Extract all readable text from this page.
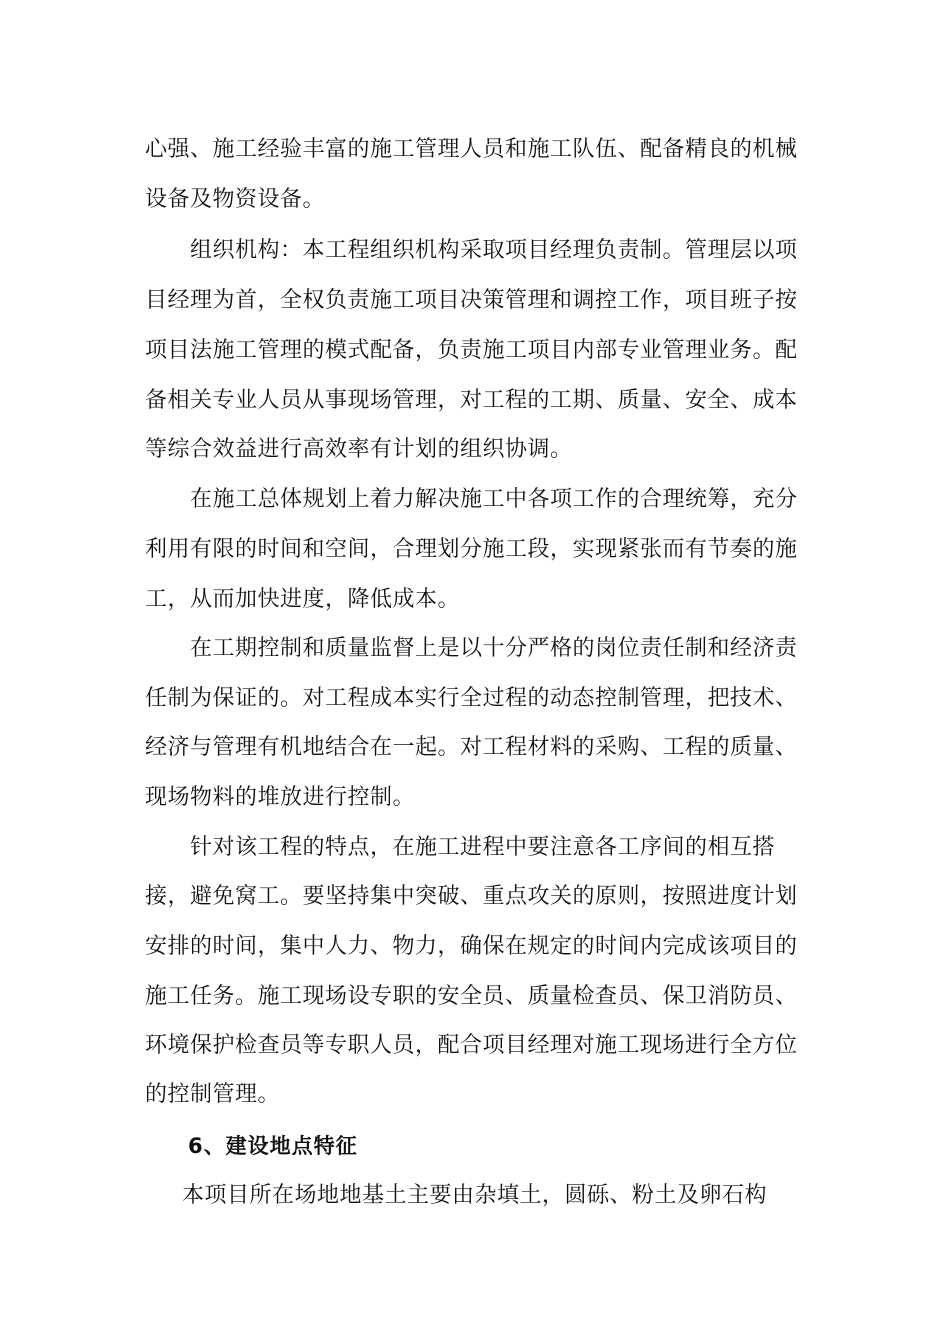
心强、施工经验丰富的施工管理人员和施工队伍、配备精良的机械
设备及物资设备。
组织机构：本工程组织机构采取项目经理负责制。管理层以项
目经理为首，全权负责施工项目决策管理和调控工作，项目班子按
项目法施工管理的模式配备，负责施工项目内部专业管理业务。配
备相关专业人员从事现场管理，对工程的工期、质量、安全、成本
等综合效益进行高效率有计划的组织协调。
在施工总体规划上着力解决施工中各项工作的合理统筹，充分
利用有限的时间和空间，合理划分施工段，实现紧张而有节奏的施
工，从而加快进度，降低成本。
在工期控制和质量监督上是以十分严格的岗位责任制和经济责
任制为保证的。对工程成本实行全过程的动态控制管理，把技术、
经济与管理有机地结合在一起。对工程材料的采购、工程的质量、
现场物料的堆放进行控制。
针对该工程的特点，在施工进程中要注意各工序间的相互搭
接，避免窝工。要坚持集中突破、重点攻关的原则，按照进度计划
安排的时间，集中人力、物力，确保在规定的时间内完成该项目的
施工任务。施工现场设专职的安全员、质量检查员、保卫消防员、
环境保护检查员等专职人员，配合项目经理对施工现场进行全方位
的控制管理。
6、建设地点特征
本项目所在场地地基土主要由杂填土，圆砾、粉土及卵石构
